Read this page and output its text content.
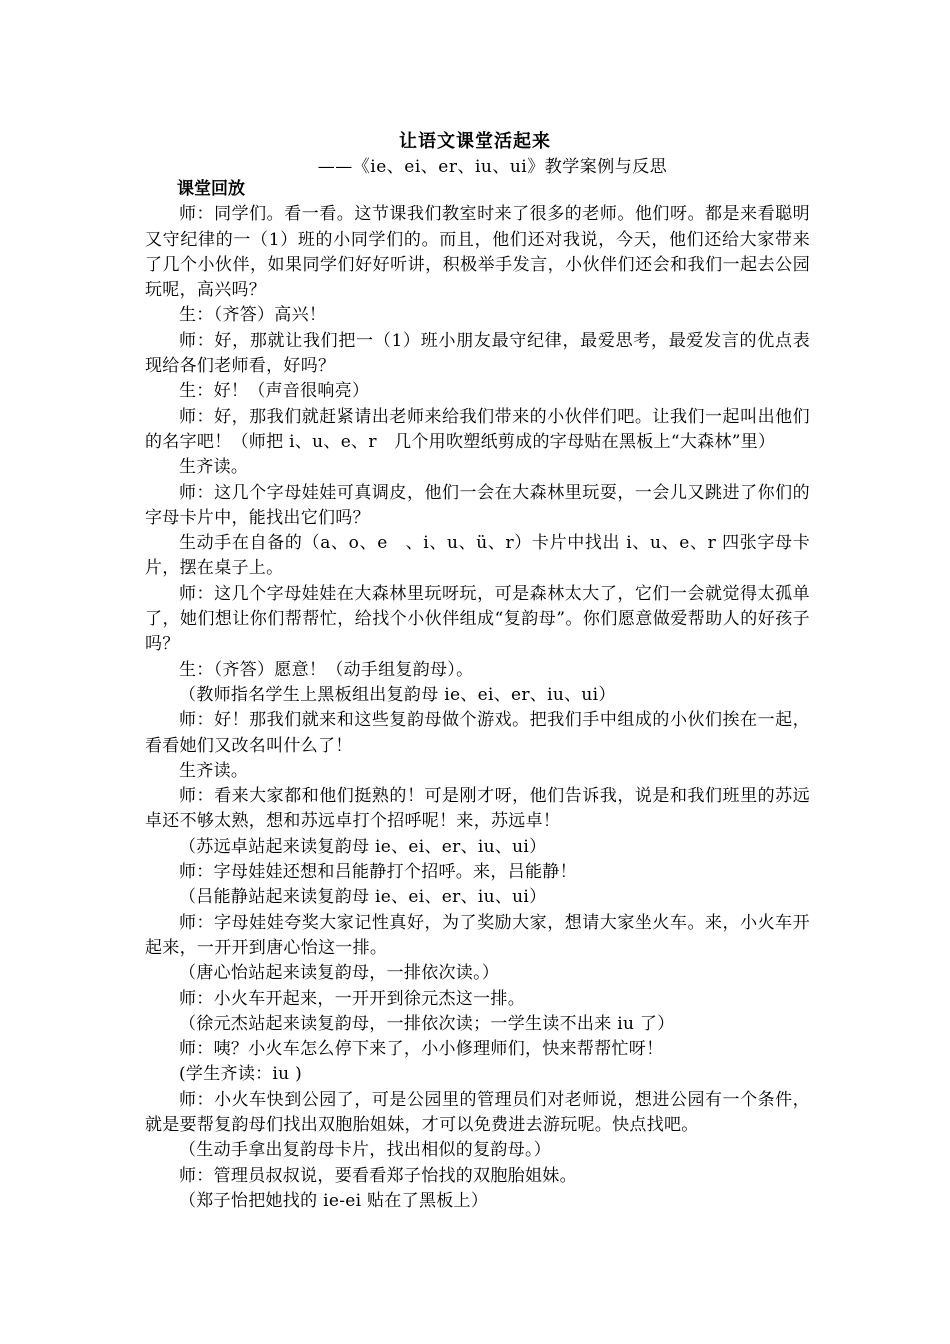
让语文课堂活起来
——《ie、ei、er、iu、ui》教学案例与反思
课堂回放

师：同学们。看一看。这节课我们教室时来了很多的老师。他们呀。都是来看聪明又守纪律的一（1）班的小同学们的。而且，他们还对我说，今天，他们还给大家带来了几个小伙伴，如果同学们好好听讲，积极举手发言，小伙伴们还会和我们一起去公园玩呢，高兴吗？

生：（齐答）高兴！

师：好，那就让我们把一（1）班小朋友最守纪律，最爱思考，最爱发言的优点表现给各们老师看，好吗？

生：好！（声音很响亮）

师：好，那我们就赶紧请出老师来给我们带来的小伙伴们吧。让我们一起叫出他们的名字吧！（师把 i、u、e、r　几个用吹塑纸剪成的字母贴在黑板上“大森林”里）

生齐读。

师：这几个字母娃娃可真调皮，他们一会在大森林里玩耍，一会儿又跳进了你们的字母卡片中，能找出它们吗？

生动手在自备的（a、o、e　、i、u、ü、r）卡片中找出 i、u、e、r 四张字母卡片，摆在桌子上。

师：这几个字母娃娃在大森林里玩呀玩，可是森林太大了，它们一会就觉得太孤单了，她们想让你们帮帮忙，给找个小伙伴组成“复韵母”。你们愿意做爱帮助人的好孩子吗？

生：（齐答）愿意！（动手组复韵母）。

（教师指名学生上黑板组出复韵母 ie、ei、er、iu、ui）

师：好！那我们就来和这些复韵母做个游戏。把我们手中组成的小伙们挨在一起，看看她们又改名叫什么了！

生齐读。

师：看来大家都和他们挺熟的！可是刚才呀，他们告诉我，说是和我们班里的苏远卓还不够太熟，想和苏远卓打个招呼呢！来，苏远卓！

（苏远卓站起来读复韵母 ie、ei、er、iu、ui）

师：字母娃娃还想和吕能静打个招呼。来，吕能静！

（吕能静站起来读复韵母 ie、ei、er、iu、ui）

师：字母娃娃夸奖大家记性真好，为了奖励大家，想请大家坐火车。来，小火车开起来，一开开到唐心怡这一排。

（唐心怡站起来读复韵母，一排依次读。）

师：小火车开起来，一开开到徐元杰这一排。

（徐元杰站起来读复韵母，一排依次读；一学生读不出来 iu 了）

师：咦？小火车怎么停下来了，小小修理师们，快来帮帮忙呀！

(学生齐读：iu )

师：小火车快到公园了，可是公园里的管理员们对老师说，想进公园有一个条件，就是要帮复韵母们找出双胞胎姐妹，才可以免费进去游玩呢。快点找吧。

（生动手拿出复韵母卡片，找出相似的复韵母。）

师：管理员叔叔说，要看看郑子怡找的双胞胎姐妹。

（郑子怡把她找的 ie-ei 贴在了黑板上）
